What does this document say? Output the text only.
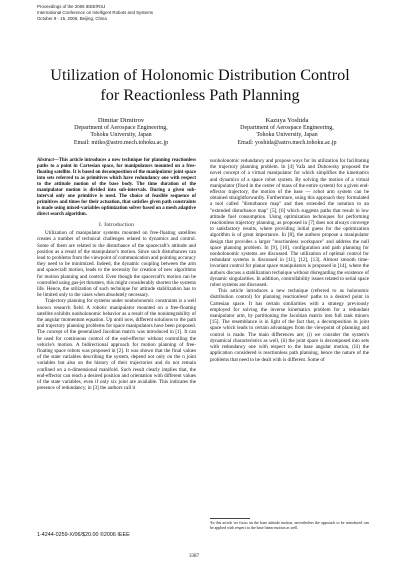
Proceedings of the 2006 IEEE/RSJ
International Conference on Intelligent Robots and Systems
October 9 - 15, 2006, Beijing, China
Utilization of Holonomic Distribution Control
for Reactionless Path Planning
Dimitar Dimitrov
Department of Aerospace Engineering,
Tohoku University, Japan
Email: mitko@astro.mech.tohoku.ac.jp
Kazuya Yoshida
Department of Aerospace Engineering,
Tohoku University, Japan
Email: yoshida@astro.mech.tohoku.ac.jp

Abstract—This article introduces a new technique for planning reactionless paths to a point in Cartesian space, for manipulators mounted on a free-floating satellite. It is based on decomposition of the manipulator joint space into sets referred to as primitives which have redundancy one with respect to the attitude motion of the base body. The time duration of the manipulator motion is divided into sub-intervals. During a given sub-interval only one primitive is used. The choice of feasible sequence of primitives and times for their actuation, that satisfies given path constraints is made using mixed-variables optimization solver based on a mesh adaptive direct search algorithm.

I. Introduction

Utilization of manipulator systems mounted on free-floating satellites creates a number of technical challenges related to dynamics and control. Some of them are related to the disturbance of the spacecraft's attitude and position as a result of the manipulator's motion. Since such disturbances can lead to problems from the viewpoint of communication and pointing accuracy they need to be minimized. Indeed, the dynamic coupling between the arm and spacecraft motion, leads to the necessity for creation of new algorithms for motion planning and control. Even though the spacecraft's motion can be controlled using gas-jet thrusters, this might considerably shorten the systems life. Hence, the utilization of such technique for attitude stabilization has to be limited only to the cases when absolutely necessary.

Trajectory planning for systems under nonholonomic constraints is a well known research field. A robotic manipulator mounted on a free-floating satellite exhibits nonholonomic behavior as a result of the nonintegrability of the angular momentum equation. Up until now, different solutions to the path and trajectory planning problems for space manipulators have been proposed. The concept of the generalized Jacobian matrix was introduced in [1]. It can be used for continuous control of the end-effector without controlling the vehicle's motion. A bidirectional approach for motion planning of free-floating space robots was proposed in [2]. It was shown that the final values of the state variables describing the system, depend not only on the n joint variables but also on the history of their trajectories and do not remain confined on a n-dimensional manifold. Such result clearly implies that, the end-effector can reach a desired position and orientation with different values of the state variables, even if only six joint are available. This indicates the presence of redundancy, in [3] the authors call it

nonholonomic redundancy and propose ways for its utilization for facilitating the trajectory planning problem. In [4] Vafa and Dubowsky proposed the novel concept of a virtual manipulator for which simplifies the kinematics and dynamics of a space robot system. By solving the motion of a virtual manipulator (fixed in the center of mass of the entire system) for a given end-effector trajectory, the motion of the base — robot arm system can be obtained straightforwardly. Furthermore, using this approach they formulated a tool called "disturbance map" and then extended the notation to an "extended disturbance map" [5], [6] which suggests paths that result in low attitude fuel consumption. Using optimization techniques for performing reactionless trajectory planning, as proposed in [7] does not always converge to satisfactory results, where providing initial guess for the optimization algorithm is of great importance. In [8], the authors propose a manipulator design that provides a larger "reactionless workspace" and address the null space planning problem. In [9], [10], configuration and path planning for nonholonomic systems are discussed. The utilization of optimal control for redundant systems is discussed in [11], [12], [13]. Almost smooth time-invariant control for planar space manipulators is proposed in [14], where the authors discuss a stabilization technique without disregarding the existence of dynamic singularities. In addition, controllability issues related to serial space robot systems are discussed.

This article introduces a new technique (referred to as holonomic distribution control) for planning reactionless¹ paths to a desired point in Cartesian space. It has certain similarities with a strategy previously employed for solving the inverse kinematics problem for a redundant manipulator arm, by partitioning the Jacobian matrix into full rank minors [15]. The resemblance is in light of the fact that, a decomposition in joint space which leads to certain advantages from the viewpoint of planning and control is made. The main differences are; (i) we consider the system's dynamical characteristics as well, (ii) the joint space is decomposed into sets with redundancy one with respect to the base angular motion, (iii) the application considered is reactionless path planning, hence the nature of the problems that need to be dealt with is different. Some of

¹In this article we focus on the base attitude motion, nevertheless the approach to be introduced can be applied with respect to the base linear motion as well.
1-4244-0259-X/06/$20.00 ©2006 IEEE
3387
